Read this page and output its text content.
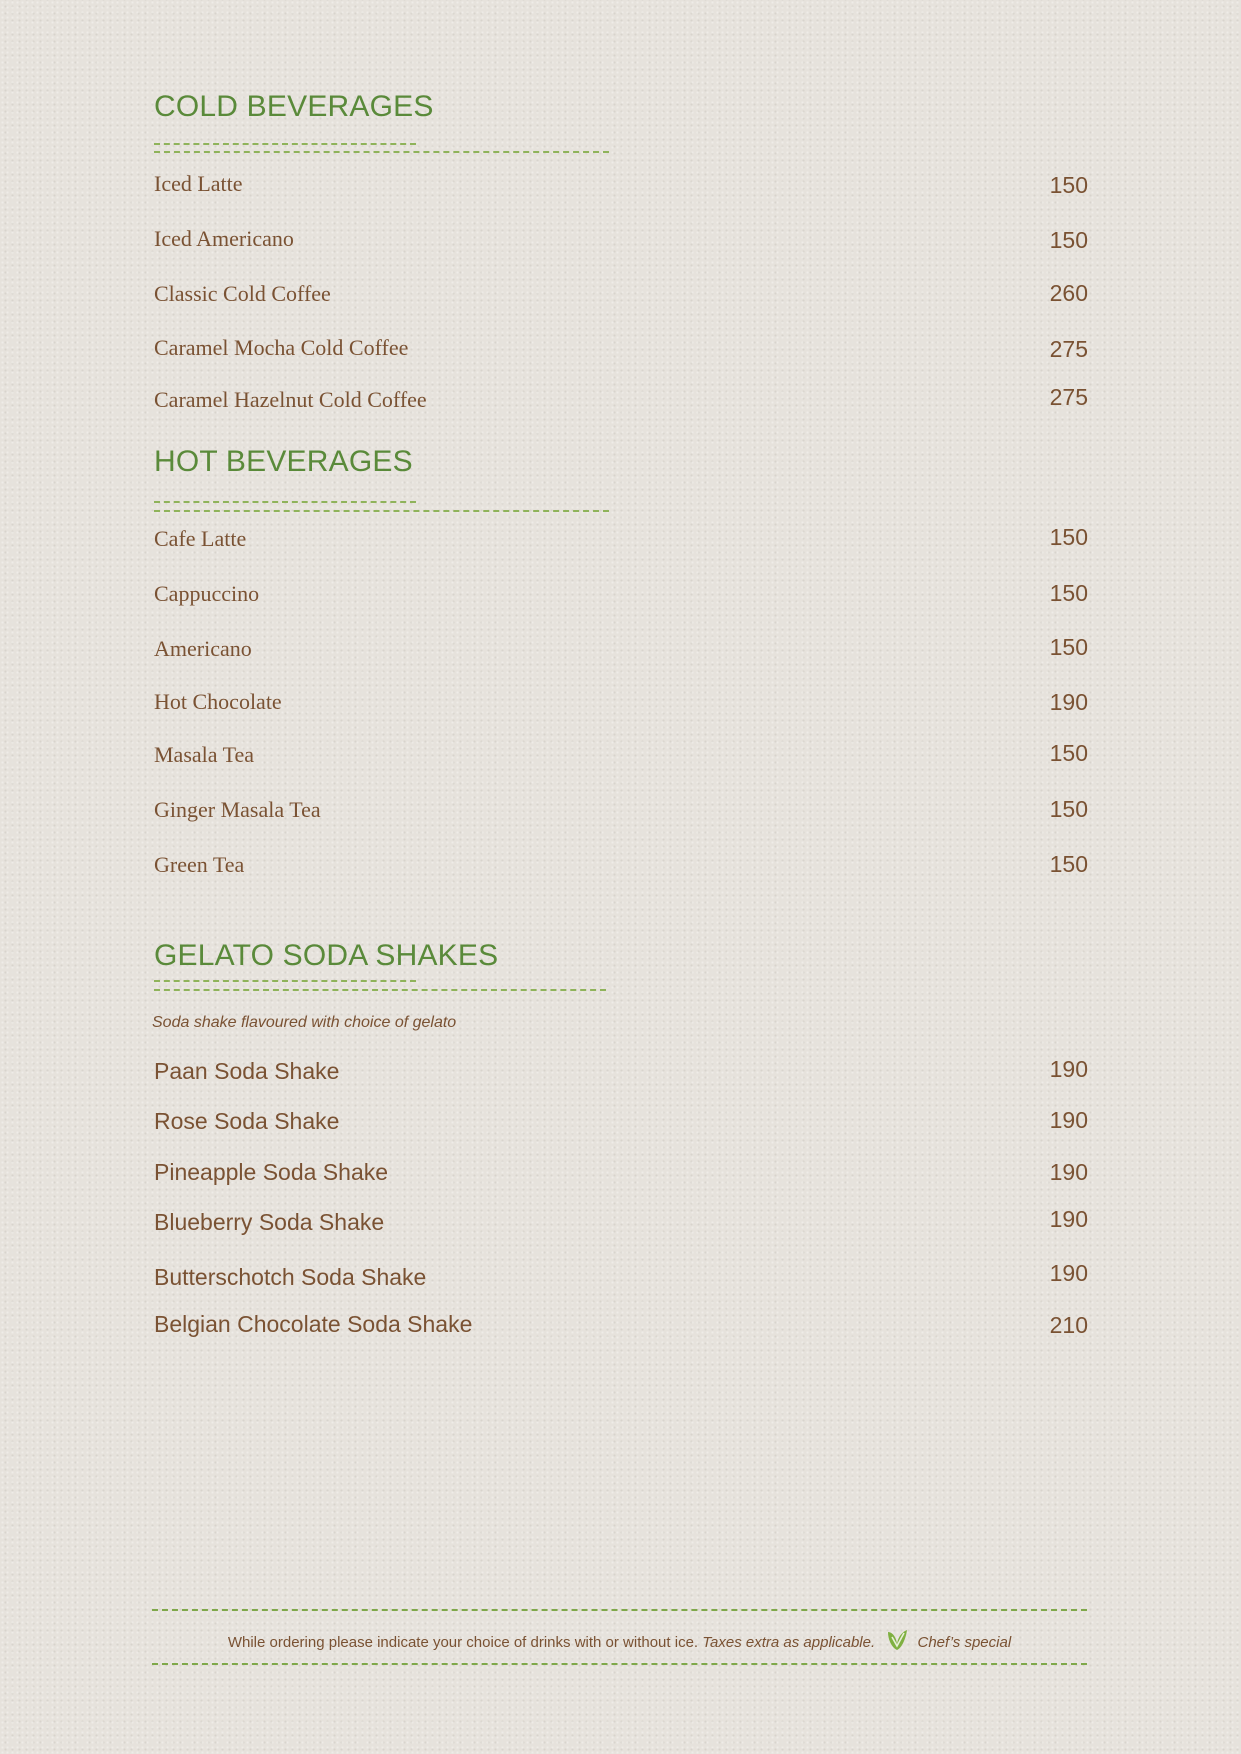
COLD BEVERAGES
Iced Latte	150
Iced Americano	150
Classic Cold Coffee	260
Caramel Mocha Cold Coffee	275
Caramel Hazelnut Cold Coffee	275
HOT BEVERAGES
Cafe Latte	150
Cappuccino	150
Americano	150
Hot Chocolate	190
Masala Tea	150
Ginger Masala Tea	150
Green Tea	150
GELATO SODA SHAKES
Soda shake flavoured with choice of gelato
Paan Soda Shake	190
Rose Soda Shake	190
Pineapple Soda Shake	190
Blueberry Soda Shake	190
Butterschotch Soda Shake	190
Belgian Chocolate Soda Shake	210
While ordering please indicate your choice of drinks with or without ice. Taxes extra as applicable.	Chef’s special
